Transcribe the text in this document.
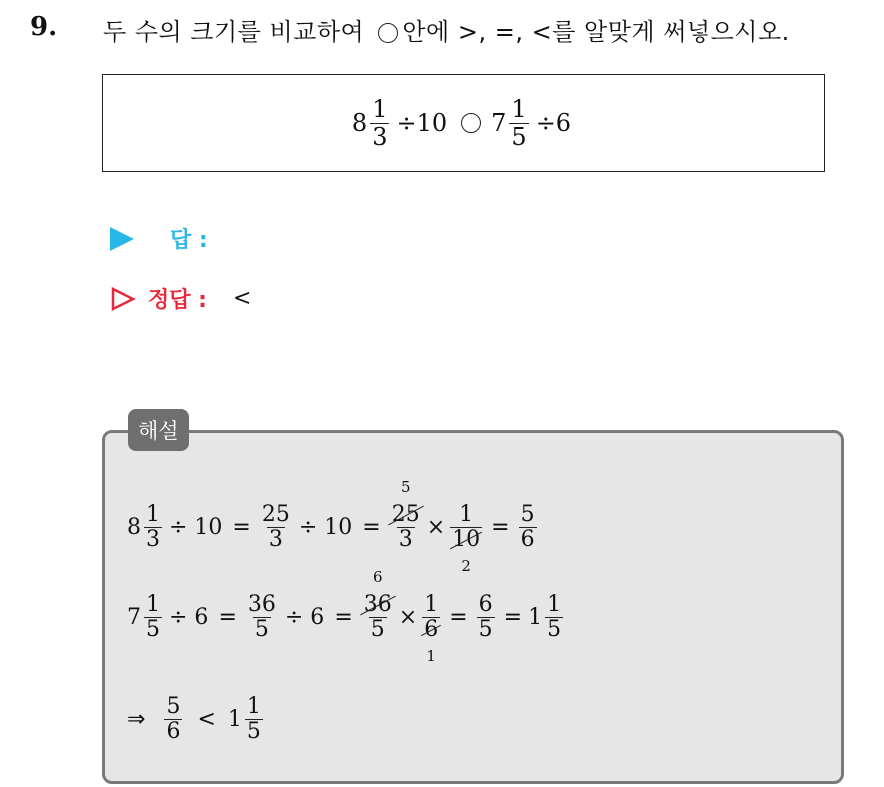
9. 두 수의 크기를 비교하여 안에 >, =, <를 알맞게 써넣으시오.
$8 \frac{1}{3} \div 10$ $7 \frac{1}{5} \div 6$
답 :
정답 : <
해설
$8 \frac{1}{3} \div 10 = \frac{25}{3} \div 10 = 25$
5
3 × 1
10
$2 = \frac{5}{6}$
$7 \frac{1}{5} \div 6 = \frac{36}{5} \div 6 = 36$
6
5 × 1
6
$1 = \frac{6}{5} = 1 \frac{1}{5}$
⇒ $\frac{5}{6} < 1 \frac{1}{5}$
